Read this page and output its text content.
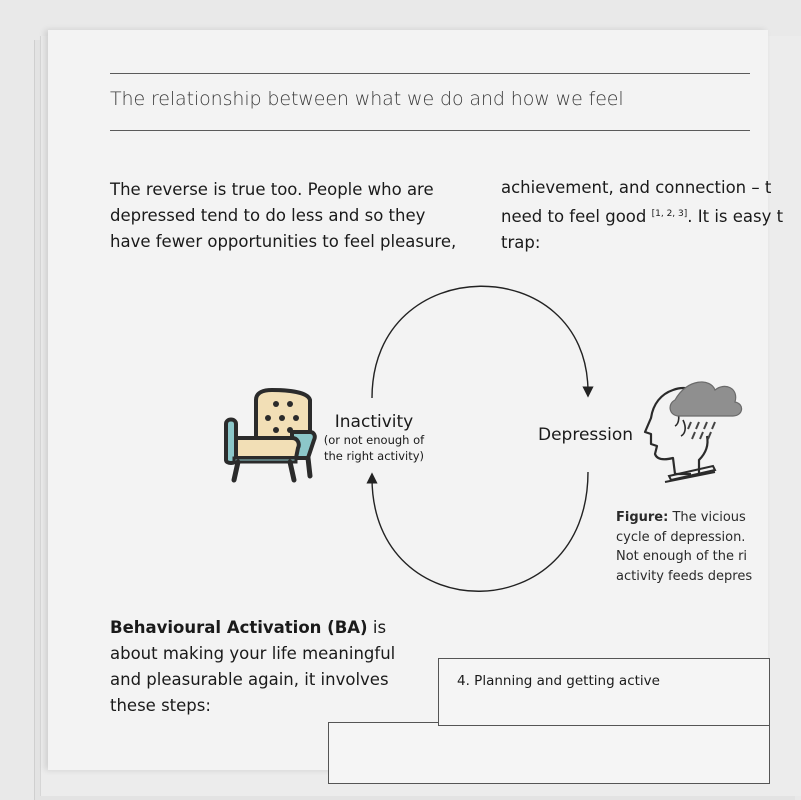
The relationship between what we do and how we feel
The reverse is true too. People who are
depressed tend to do less and so they
have fewer opportunities to feel pleasure,
achievement, and connection – t
need to feel good [1, 2, 3]. It is easy t
trap:
Inactivity
(or not enough of
the right activity)
Depression
Figure: The vicious
cycle of depression.
Not enough of the ri
activity feeds depres
Behavioural Activation (BA) is
about making your life meaningful
and pleasurable again, it involves
these steps:
4. Planning and getting active
